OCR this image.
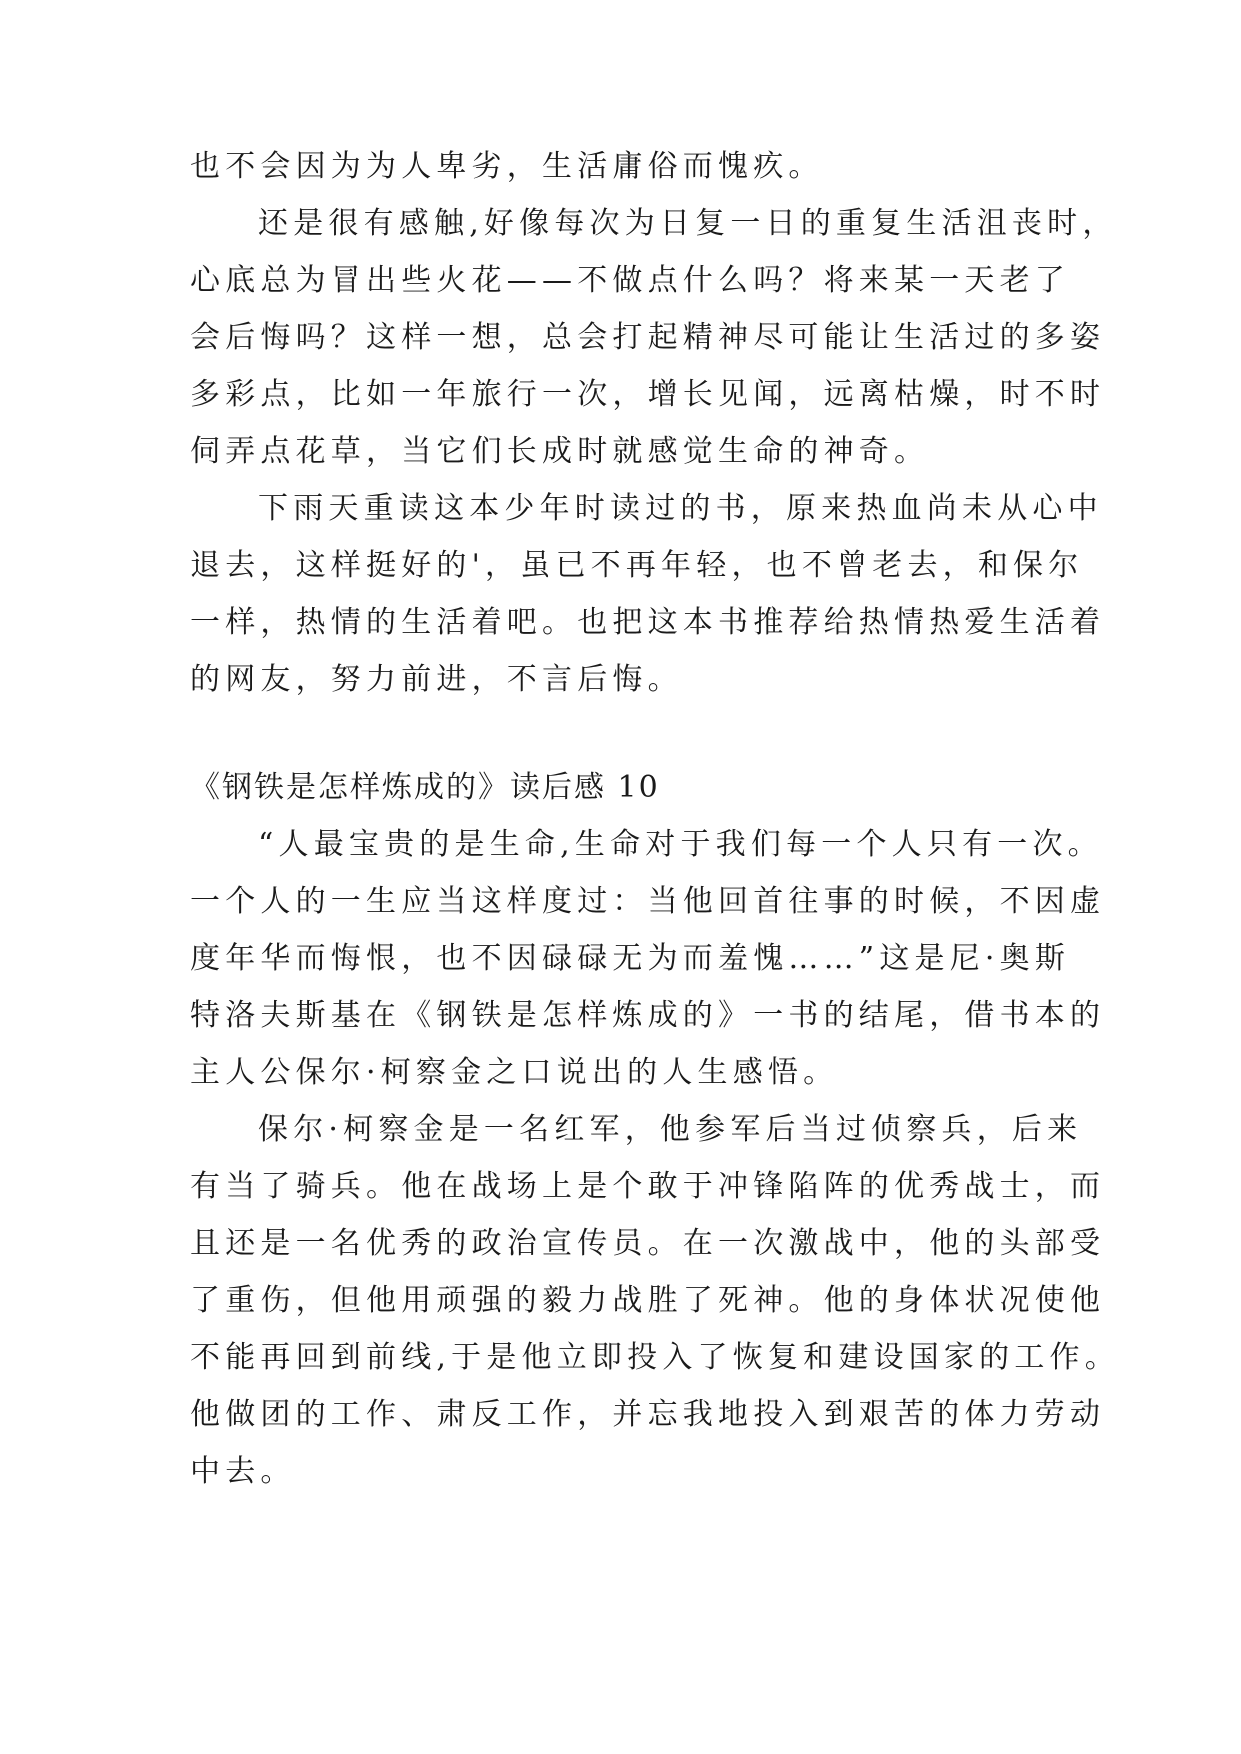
也不会因为为人卑劣，生活庸俗而愧疚。
还是很有感触,好像每次为日复一日的重复生活沮丧时，
心底总为冒出些火花——不做点什么吗？将来某一天老了
会后悔吗？这样一想，总会打起精神尽可能让生活过的多姿
多彩点，比如一年旅行一次，增长见闻，远离枯燥，时不时
伺弄点花草，当它们长成时就感觉生命的神奇。
下雨天重读这本少年时读过的书，原来热血尚未从心中
退去，这样挺好的'，虽已不再年轻，也不曾老去，和保尔
一样，热情的生活着吧。也把这本书推荐给热情热爱生活着
的网友，努力前进，不言后悔。
《钢铁是怎样炼成的》读后感 10
“人最宝贵的是生命,生命对于我们每一个人只有一次。
一个人的一生应当这样度过：当他回首往事的时候，不因虚
度年华而悔恨，也不因碌碌无为而羞愧……”这是尼·奥斯
特洛夫斯基在《钢铁是怎样炼成的》一书的结尾，借书本的
主人公保尔·柯察金之口说出的人生感悟。
保尔·柯察金是一名红军，他参军后当过侦察兵，后来
有当了骑兵。他在战场上是个敢于冲锋陷阵的优秀战士，而
且还是一名优秀的政治宣传员。在一次激战中，他的头部受
了重伤，但他用顽强的毅力战胜了死神。他的身体状况使他
不能再回到前线,于是他立即投入了恢复和建设国家的工作。
他做团的工作、肃反工作，并忘我地投入到艰苦的体力劳动
中去。
